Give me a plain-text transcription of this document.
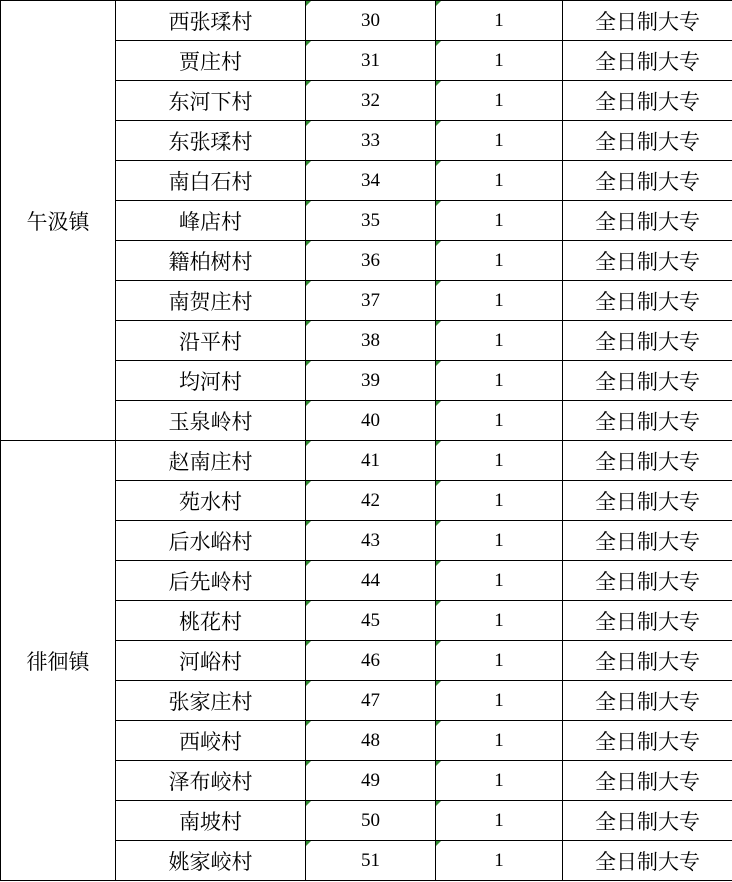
午汲镇	西张瑈村	30	1	全日制大专
	贾庄村	31	1	全日制大专
	东河下村	32	1	全日制大专
	东张瑈村	33	1	全日制大专
	南白石村	34	1	全日制大专
	峰店村	35	1	全日制大专
	籍柏树村	36	1	全日制大专
	南贺庄村	37	1	全日制大专
	沿平村	38	1	全日制大专
	均河村	39	1	全日制大专
	玉泉岭村	40	1	全日制大专
徘徊镇	赵南庄村	41	1	全日制大专
	苑水村	42	1	全日制大专
	后水峪村	43	1	全日制大专
	后先岭村	44	1	全日制大专
	桃花村	45	1	全日制大专
	河峪村	46	1	全日制大专
	张家庄村	47	1	全日制大专
	西峧村	48	1	全日制大专
	泽布峧村	49	1	全日制大专
	南坡村	50	1	全日制大专
	姚家峧村	51	1	全日制大专
